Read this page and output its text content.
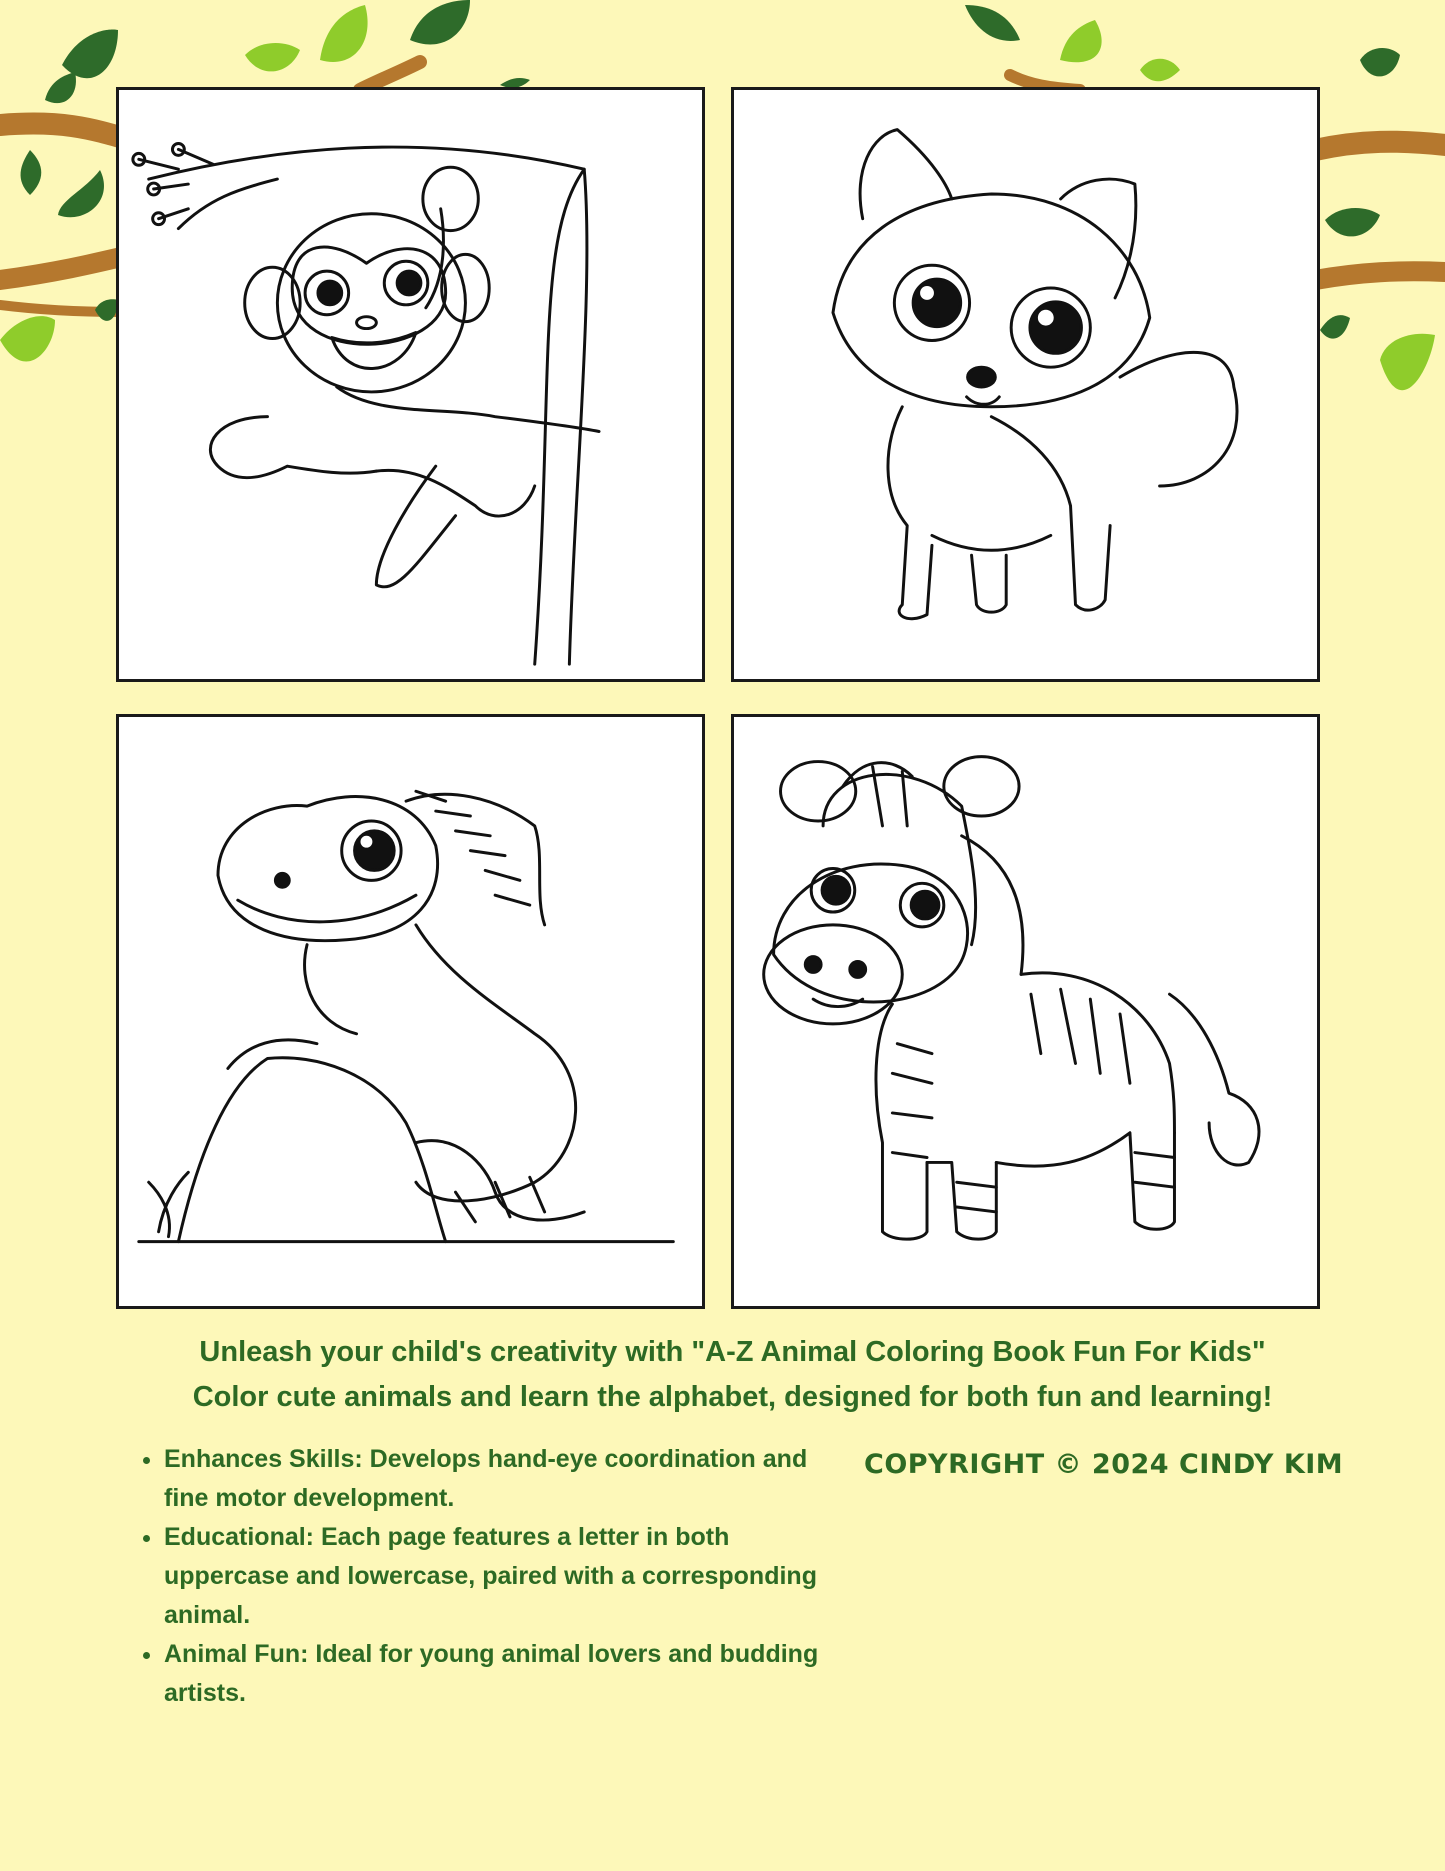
Unleash your child's creativity with "A-Z Animal Coloring Book Fun For Kids"
Color cute animals and learn the alphabet, designed for both fun and learning!
• Enhances Skills: Develops hand-eye coordination and fine motor development.
• Educational: Each page features a letter in both uppercase and lowercase, paired with a corresponding animal.
• Animal Fun: Ideal for young animal lovers and budding artists.
COPYRIGHT © 2024 CINDY KIM
